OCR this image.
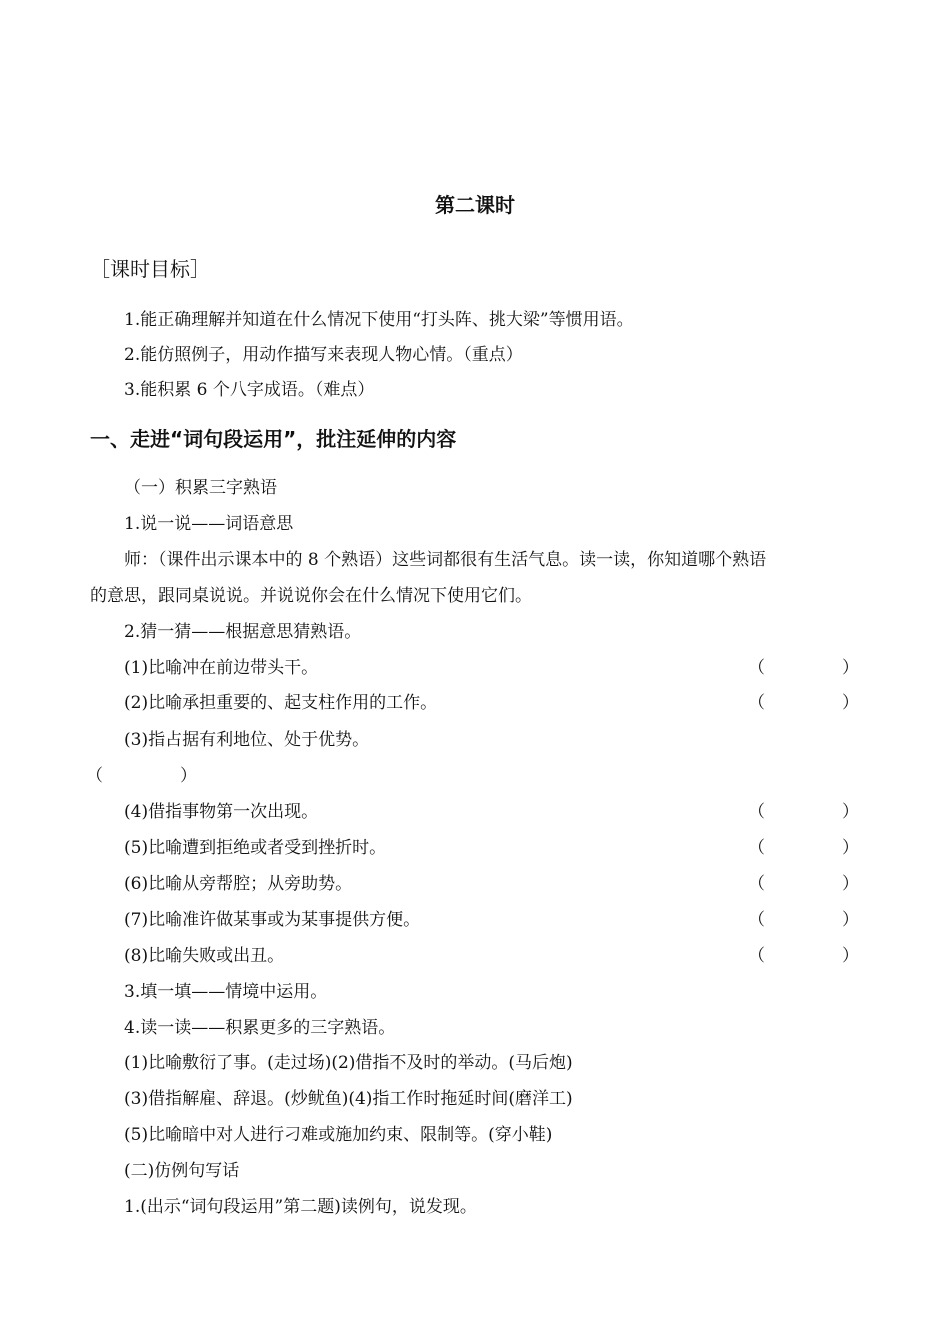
第二课时
［课时目标］
1.能正确理解并知道在什么情况下使用“打头阵、挑大梁”等惯用语。
2.能仿照例子，用动作描写来表现人物心情。（重点）
3.能积累 6 个八字成语。（难点）
一、走进“词句段运用”，批注延伸的内容
（一）积累三字熟语
1.说一说——词语意思
师：（课件出示课本中的 8 个熟语）这些词都很有生活气息。读一读，你知道哪个熟语
的意思，跟同桌说说。并说说你会在什么情况下使用它们。
2.猜一猜——根据意思猜熟语。
(1)比喻冲在前边带头干。	（	）
(2)比喻承担重要的、起支柱作用的工作。	（	）
(3)指占据有利地位、处于优势。
（	）
(4)借指事物第一次出现。	（	）
(5)比喻遭到拒绝或者受到挫折时。	（	）
(6)比喻从旁帮腔；从旁助势。	（	）
(7)比喻准许做某事或为某事提供方便。	（	）
(8)比喻失败或出丑。	（	）
3.填一填——情境中运用。
4.读一读——积累更多的三字熟语。
(1)比喻敷衍了事。(走过场)(2)借指不及时的举动。(马后炮)
(3)借指解雇、辞退。(炒鱿鱼)(4)指工作时拖延时间(磨洋工)
(5)比喻暗中对人进行刁难或施加约束、限制等。(穿小鞋)
(二)仿例句写话
1.(出示“词句段运用”第二题)读例句，说发现。
